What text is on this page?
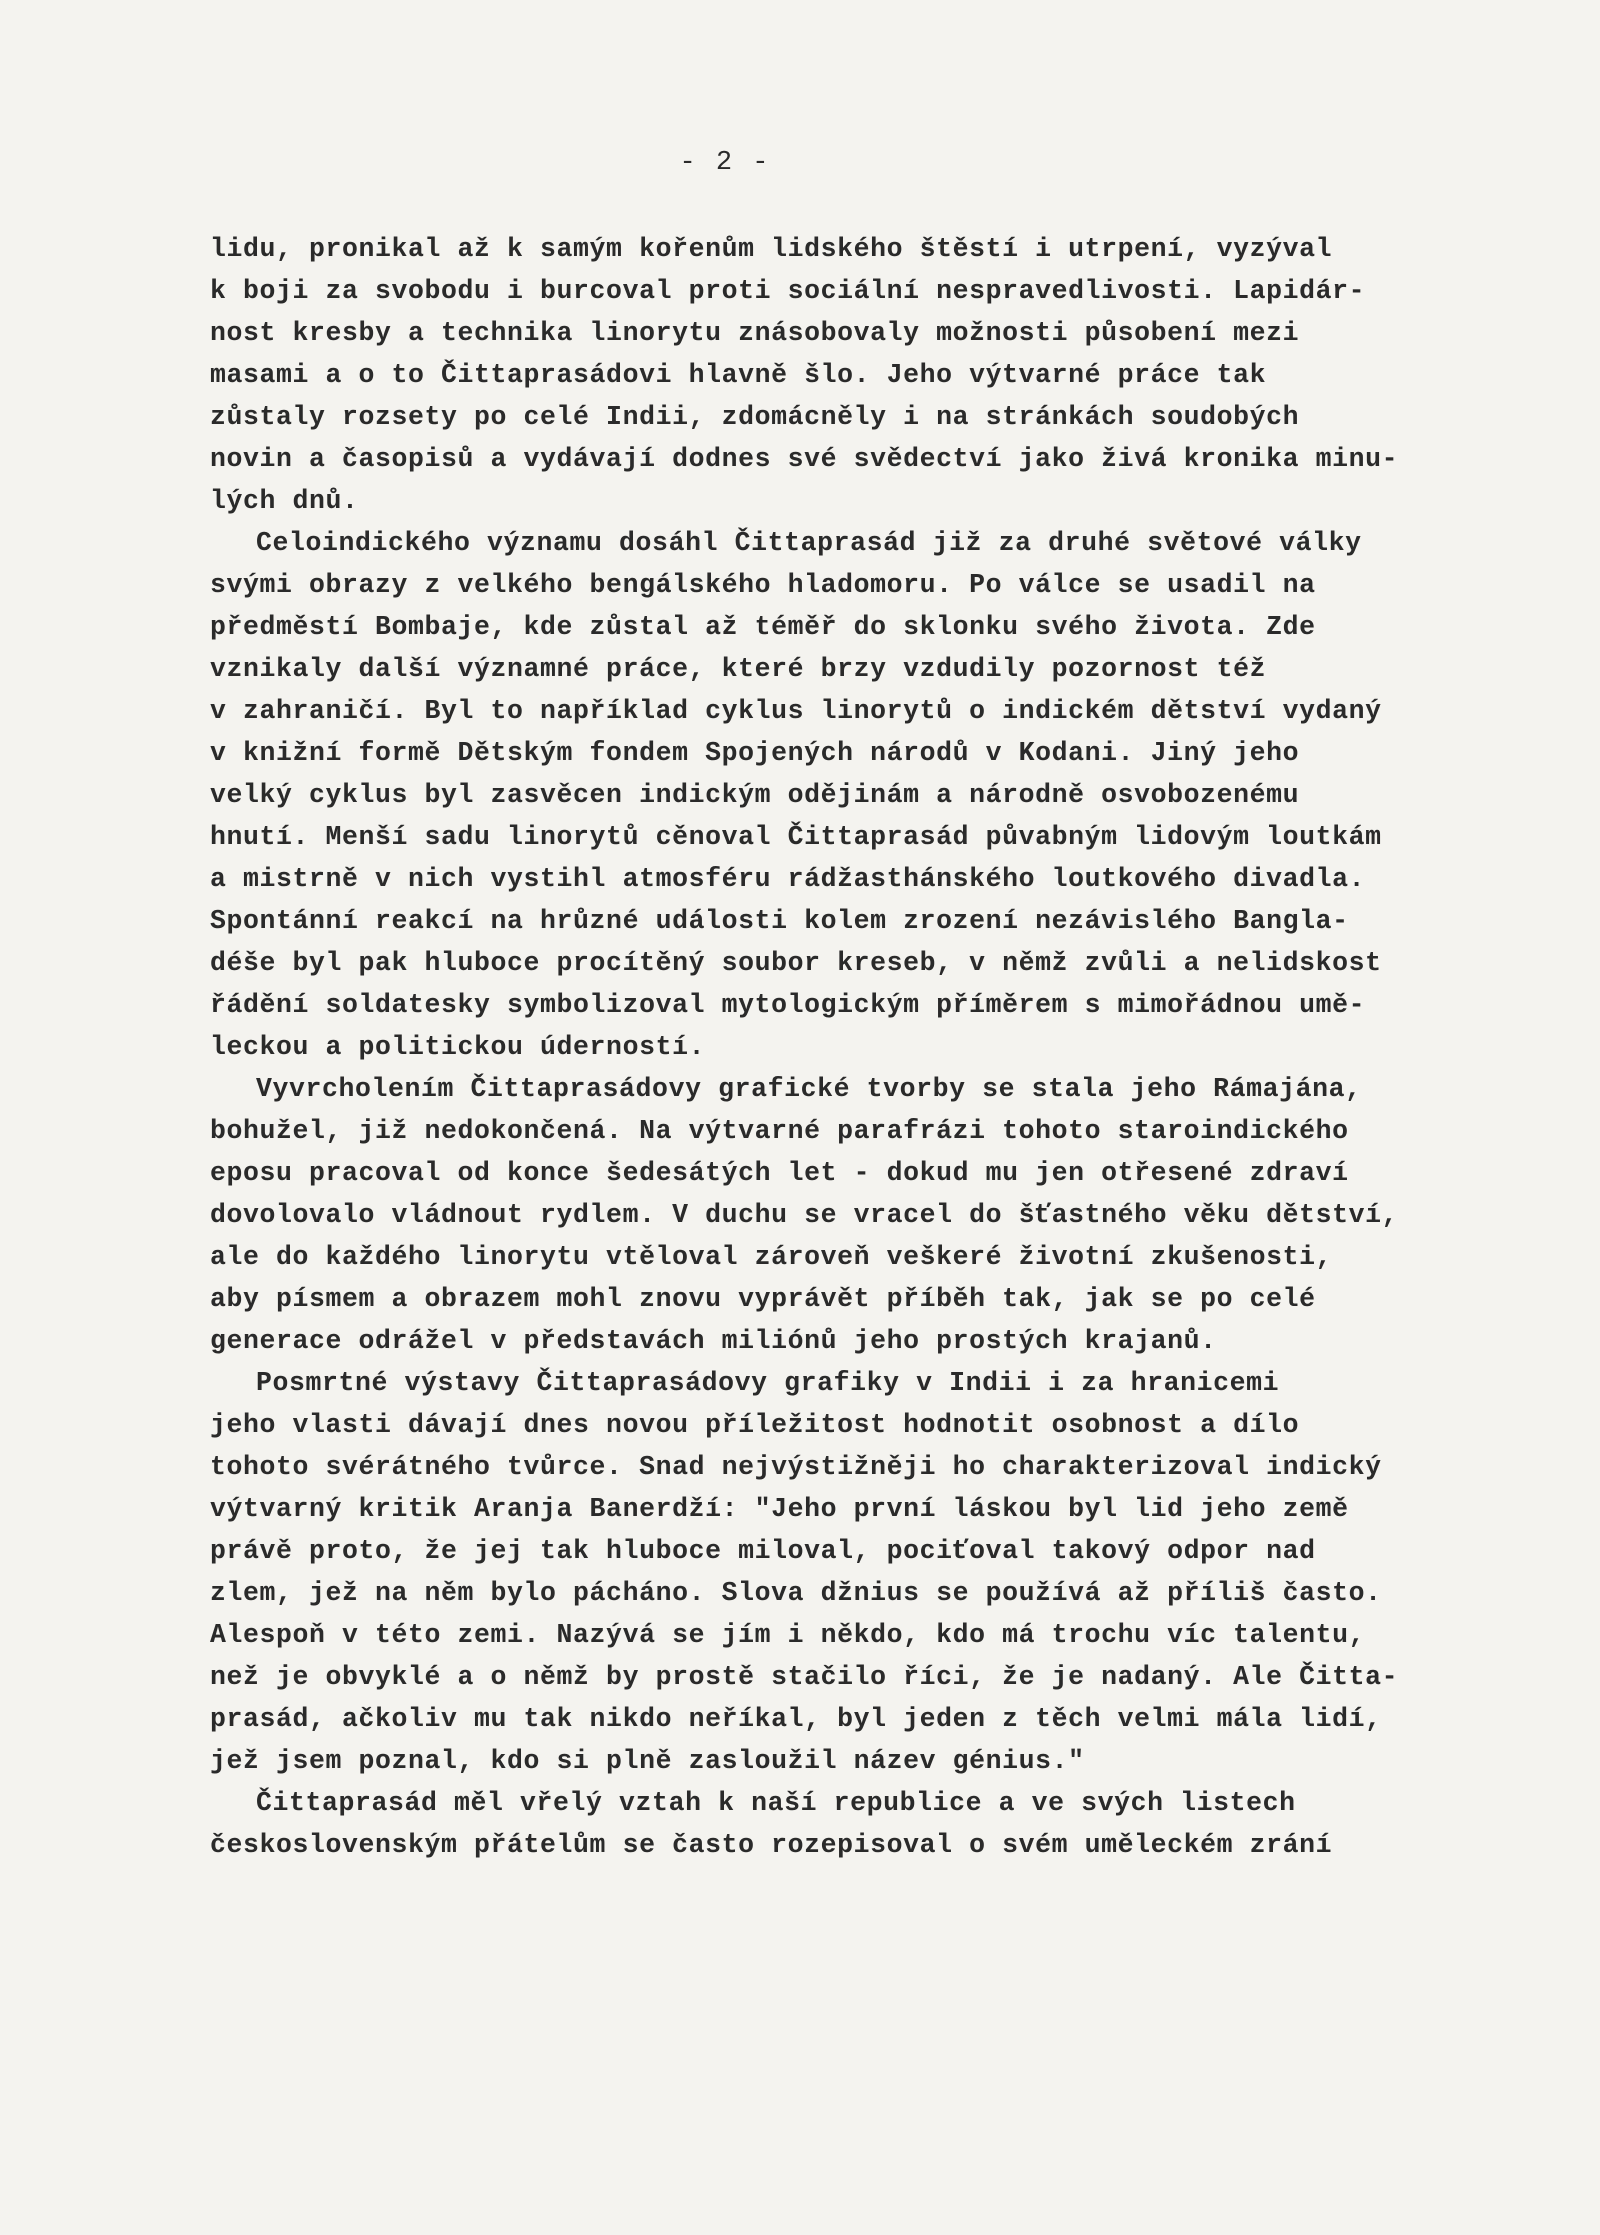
- 2 -
lidu, pronikal až k samým kořenům lidského štěstí i utrpení, vyzýval
k boji za svobodu i burcoval proti sociální nespravedlivosti. Lapidár-
nost kresby a technika linorytu znásobovaly možnosti působení mezi
masami a o to Čittaprasádovi hlavně šlo. Jeho výtvarné práce tak
zůstaly rozsety po celé Indii, zdomácněly i na stránkách soudobých
novin a časopisů a vydávají dodnes své svědectví jako živá kronika minu-
lých dnů.
Celoindického významu dosáhl Čittaprasád již za druhé světové války
svými obrazy z velkého bengálského hladomoru. Po válce se usadil na
předměstí Bombaje, kde zůstal až téměř do sklonku svého života. Zde
vznikaly další významné práce, které brzy vzdudily pozornost též
v zahraničí. Byl to například cyklus linorytů o indickém dětství vydaný
v knižní formě Dětským fondem Spojených národů v Kodani. Jiný jeho
velký cyklus byl zasvěcen indickým odějinám a národně osvobozenému
hnutí. Menší sadu linorytů cěnoval Čittaprasád půvabným lidovým loutkám
a mistrně v nich vystihl atmosféru rádžasthánského loutkového divadla.
Spontánní reakcí na hrůzné události kolem zrození nezávislého Bangla-
déše byl pak hluboce procítěný soubor kreseb, v němž zvůli a nelidskost
řádění soldatesky symbolizoval mytologickým příměrem s mimořádnou umě-
leckou a politickou úderností.
Vyvrcholením Čittaprasádovy grafické tvorby se stala jeho Rámajána,
bohužel, již nedokončená. Na výtvarné parafrázi tohoto staroindického
eposu pracoval od konce šedesátých let - dokud mu jen otřesené zdraví
dovolovalo vládnout rydlem. V duchu se vracel do šťastného věku dětství,
ale do každého linorytu vtěloval zároveň veškeré životní zkušenosti,
aby písmem a obrazem mohl znovu vyprávět příběh tak, jak se po celé
generace odrážel v představách miliónů jeho prostých krajanů.
Posmrtné výstavy Čittaprasádovy grafiky v Indii i za hranicemi
jeho vlasti dávají dnes novou příležitost hodnotit osobnost a dílo
tohoto svérátného tvůrce. Snad nejvýstižněji ho charakterizoval indický
výtvarný kritik Aranja Banerdží: "Jeho první láskou byl lid jeho země
právě proto, že jej tak hluboce miloval, pociťoval takový odpor nad
zlem, jež na něm bylo pácháno. Slova džnius se používá až příliš často.
Alespoň v této zemi. Nazývá se jím i někdo, kdo má trochu víc talentu,
než je obvyklé a o němž by prostě stačilo říci, že je nadaný. Ale Čitta-
prasád, ačkoliv mu tak nikdo neříkal, byl jeden z těch velmi mála lidí,
jež jsem poznal, kdo si plně zasloužil název génius."
Čittaprasád měl vřelý vztah k naší republice a ve svých listech
československým přátelům se často rozepisoval o svém uměleckém zrání
